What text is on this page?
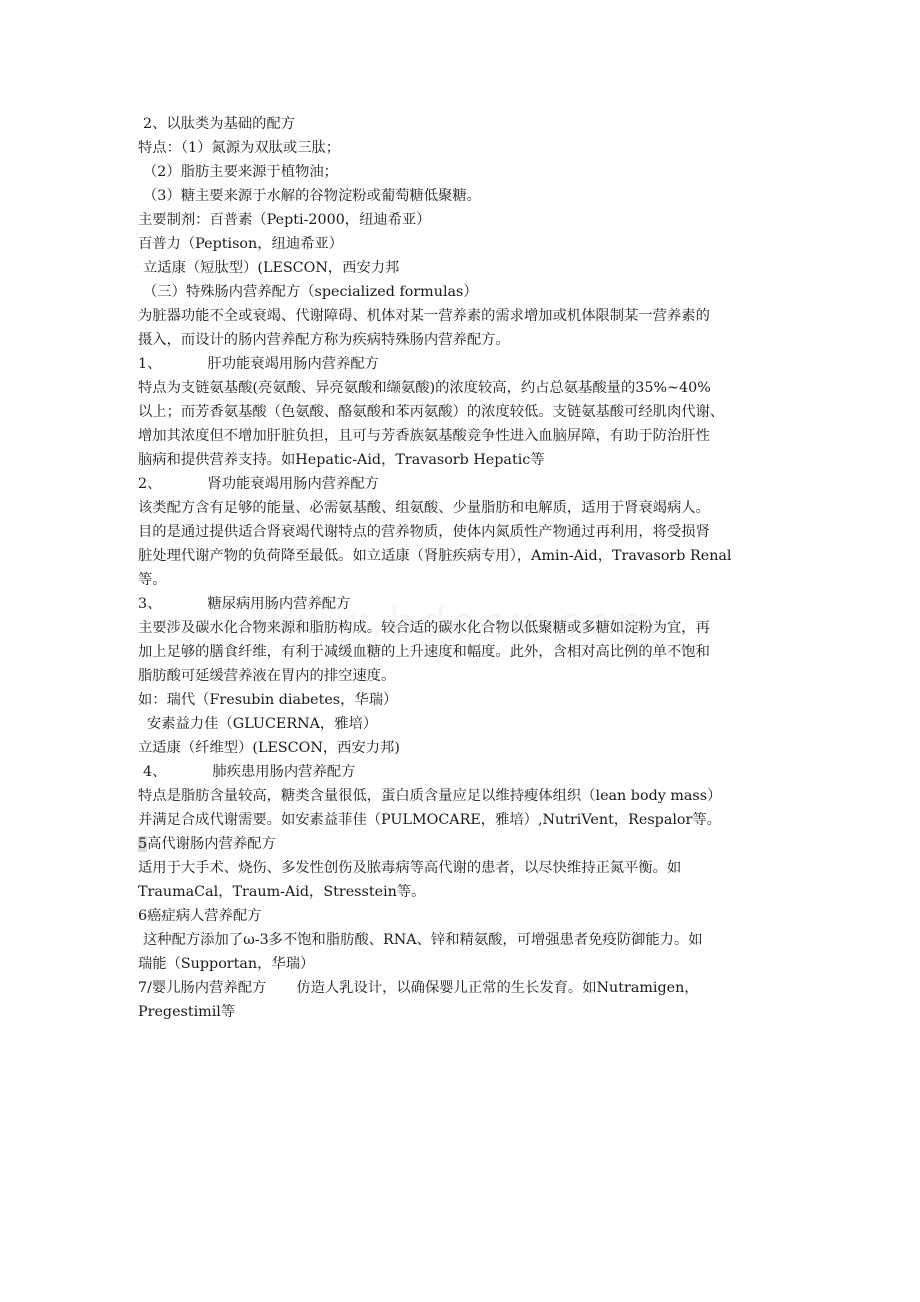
2、以肽类为基础的配方
特点：（1）氮源为双肽或三肽；
（2）脂肪主要来源于植物油；
（3）糖主要来源于水解的谷物淀粉或葡萄糖低聚糖。
主要制剂：百普素（Pepti-2000，纽迪希亚）
百普力（Peptison，纽迪希亚）
立适康（短肽型）(LESCON，西安力邦
（三）特殊肠内营养配方（specialized formulas）
为脏器功能不全或衰竭、代谢障碍、机体对某一营养素的需求增加或机体限制某一营养素的
摄入，而设计的肠内营养配方称为疾病特殊肠内营养配方。
1、	肝功能衰竭用肠内营养配方
特点为支链氨基酸(亮氨酸、异亮氨酸和缬氨酸)的浓度较高，约占总氨基酸量的35%~40%
以上；而芳香氨基酸（色氨酸、酪氨酸和苯丙氨酸）的浓度较低。支链氨基酸可经肌肉代谢、
增加其浓度但不增加肝脏负担，且可与芳香族氨基酸竞争性进入血脑屏障，有助于防治肝性
脑病和提供营养支持。如Hepatic-Aid，Travasorb Hepatic等
2、	肾功能衰竭用肠内营养配方
该类配方含有足够的能量、必需氨基酸、组氨酸、少量脂肪和电解质，适用于肾衰竭病人。
目的是通过提供适合肾衰竭代谢特点的营养物质，使体内氮质性产物通过再利用，将受损肾
脏处理代谢产物的负荷降至最低。如立适康（肾脏疾病专用），Amin-Aid，Travasorb Renal
等。
3、	糖尿病用肠内营养配方
主要涉及碳水化合物来源和脂肪构成。较合适的碳水化合物以低聚糖或多糖如淀粉为宜，再
加上足够的膳食纤维，有利于减缓血糖的上升速度和幅度。此外，含相对高比例的单不饱和
脂肪酸可延缓营养液在胃内的排空速度。
如：瑞代（Fresubin diabetes，华瑞）
安素益力佳（GLUCERNA，雅培）
立适康（纤维型）(LESCON，西安力邦)
4、	肺疾患用肠内营养配方
特点是脂肪含量较高，糖类含量很低，蛋白质含量应足以维持瘦体组织（lean body mass）
并满足合成代谢需要。如安素益菲佳（PULMOCARE，雅培）,NutriVent，Respalor等。
5高代谢肠内营养配方
适用于大手术、烧伤、多发性创伤及脓毒病等高代谢的患者，以尽快维持正氮平衡。如
TraumaCal，Traum-Aid，Stresstein等。
6癌症病人营养配方
这种配方添加了ω-3多不饱和脂肪酸、RNA、锌和精氨酸，可增强患者免疫防御能力。如
瑞能（Supportan，华瑞）
7/婴儿肠内营养配方 仿造人乳设计，以确保婴儿正常的生长发育。如Nutramigen，
Pregestimil等
